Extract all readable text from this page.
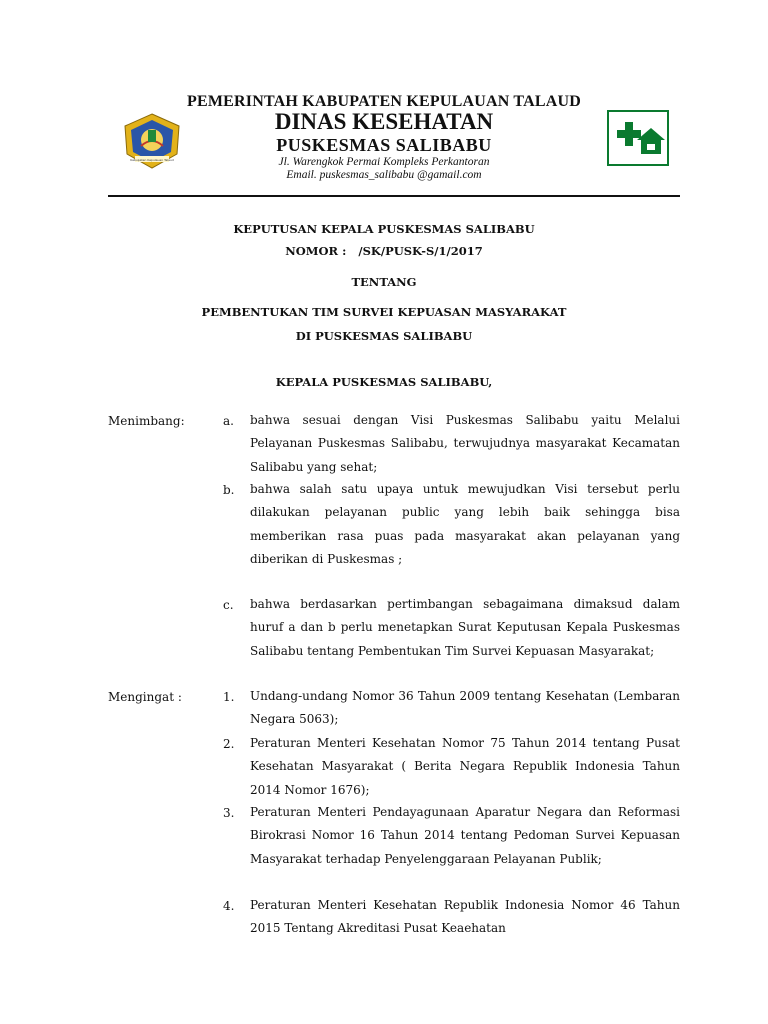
Kabupaten Kepulauan Talaud
PEMERINTAH KABUPATEN KEPULAUAN TALAUD
DINAS KESEHATAN
PUSKESMAS SALIBABU
Jl. Warengkok Permai Kompleks Perkantoran
Email. puskesmas_salibabu @gamail.com
KEPUTUSAN KEPALA PUSKESMAS SALIBABU
NOMOR :   /SK/PUSK-S/1/2017
TENTANG
PEMBENTUKAN TIM SURVEI KEPUASAN MASYARAKAT
DI PUSKESMAS SALIBABU
KEPALA PUSKESMAS SALIBABU,
Menimbang:	a. bahwa sesuai dengan Visi Puskesmas Salibabu yaitu Melalui Pelayanan Puskesmas Salibabu, terwujudnya masyarakat Kecamatan Salibabu yang sehat;
b. bahwa salah satu upaya untuk mewujudkan Visi tersebut perlu dilakukan pelayanan public yang lebih baik sehingga bisa memberikan rasa puas pada masyarakat akan pelayanan yang diberikan di Puskesmas ;
c. bahwa berdasarkan pertimbangan sebagaimana dimaksud dalam huruf a dan b perlu menetapkan Surat Keputusan Kepala Puskesmas Salibabu tentang Pembentukan Tim Survei Kepuasan Masyarakat;
Mengingat :	1. Undang-undang Nomor 36 Tahun 2009 tentang Kesehatan (Lembaran Negara 5063);
2. Peraturan Menteri Kesehatan Nomor 75 Tahun 2014 tentang Pusat Kesehatan Masyarakat ( Berita Negara Republik Indonesia Tahun 2014 Nomor 1676);
3. Peraturan Menteri Pendayagunaan Aparatur Negara dan Reformasi Birokrasi Nomor 16 Tahun 2014 tentang Pedoman Survei Kepuasan Masyarakat terhadap Penyelenggaraan Pelayanan Publik;
4. Peraturan Menteri Kesehatan Republik Indonesia Nomor 46 Tahun 2015 Tentang Akreditasi Pusat Keaehatan
